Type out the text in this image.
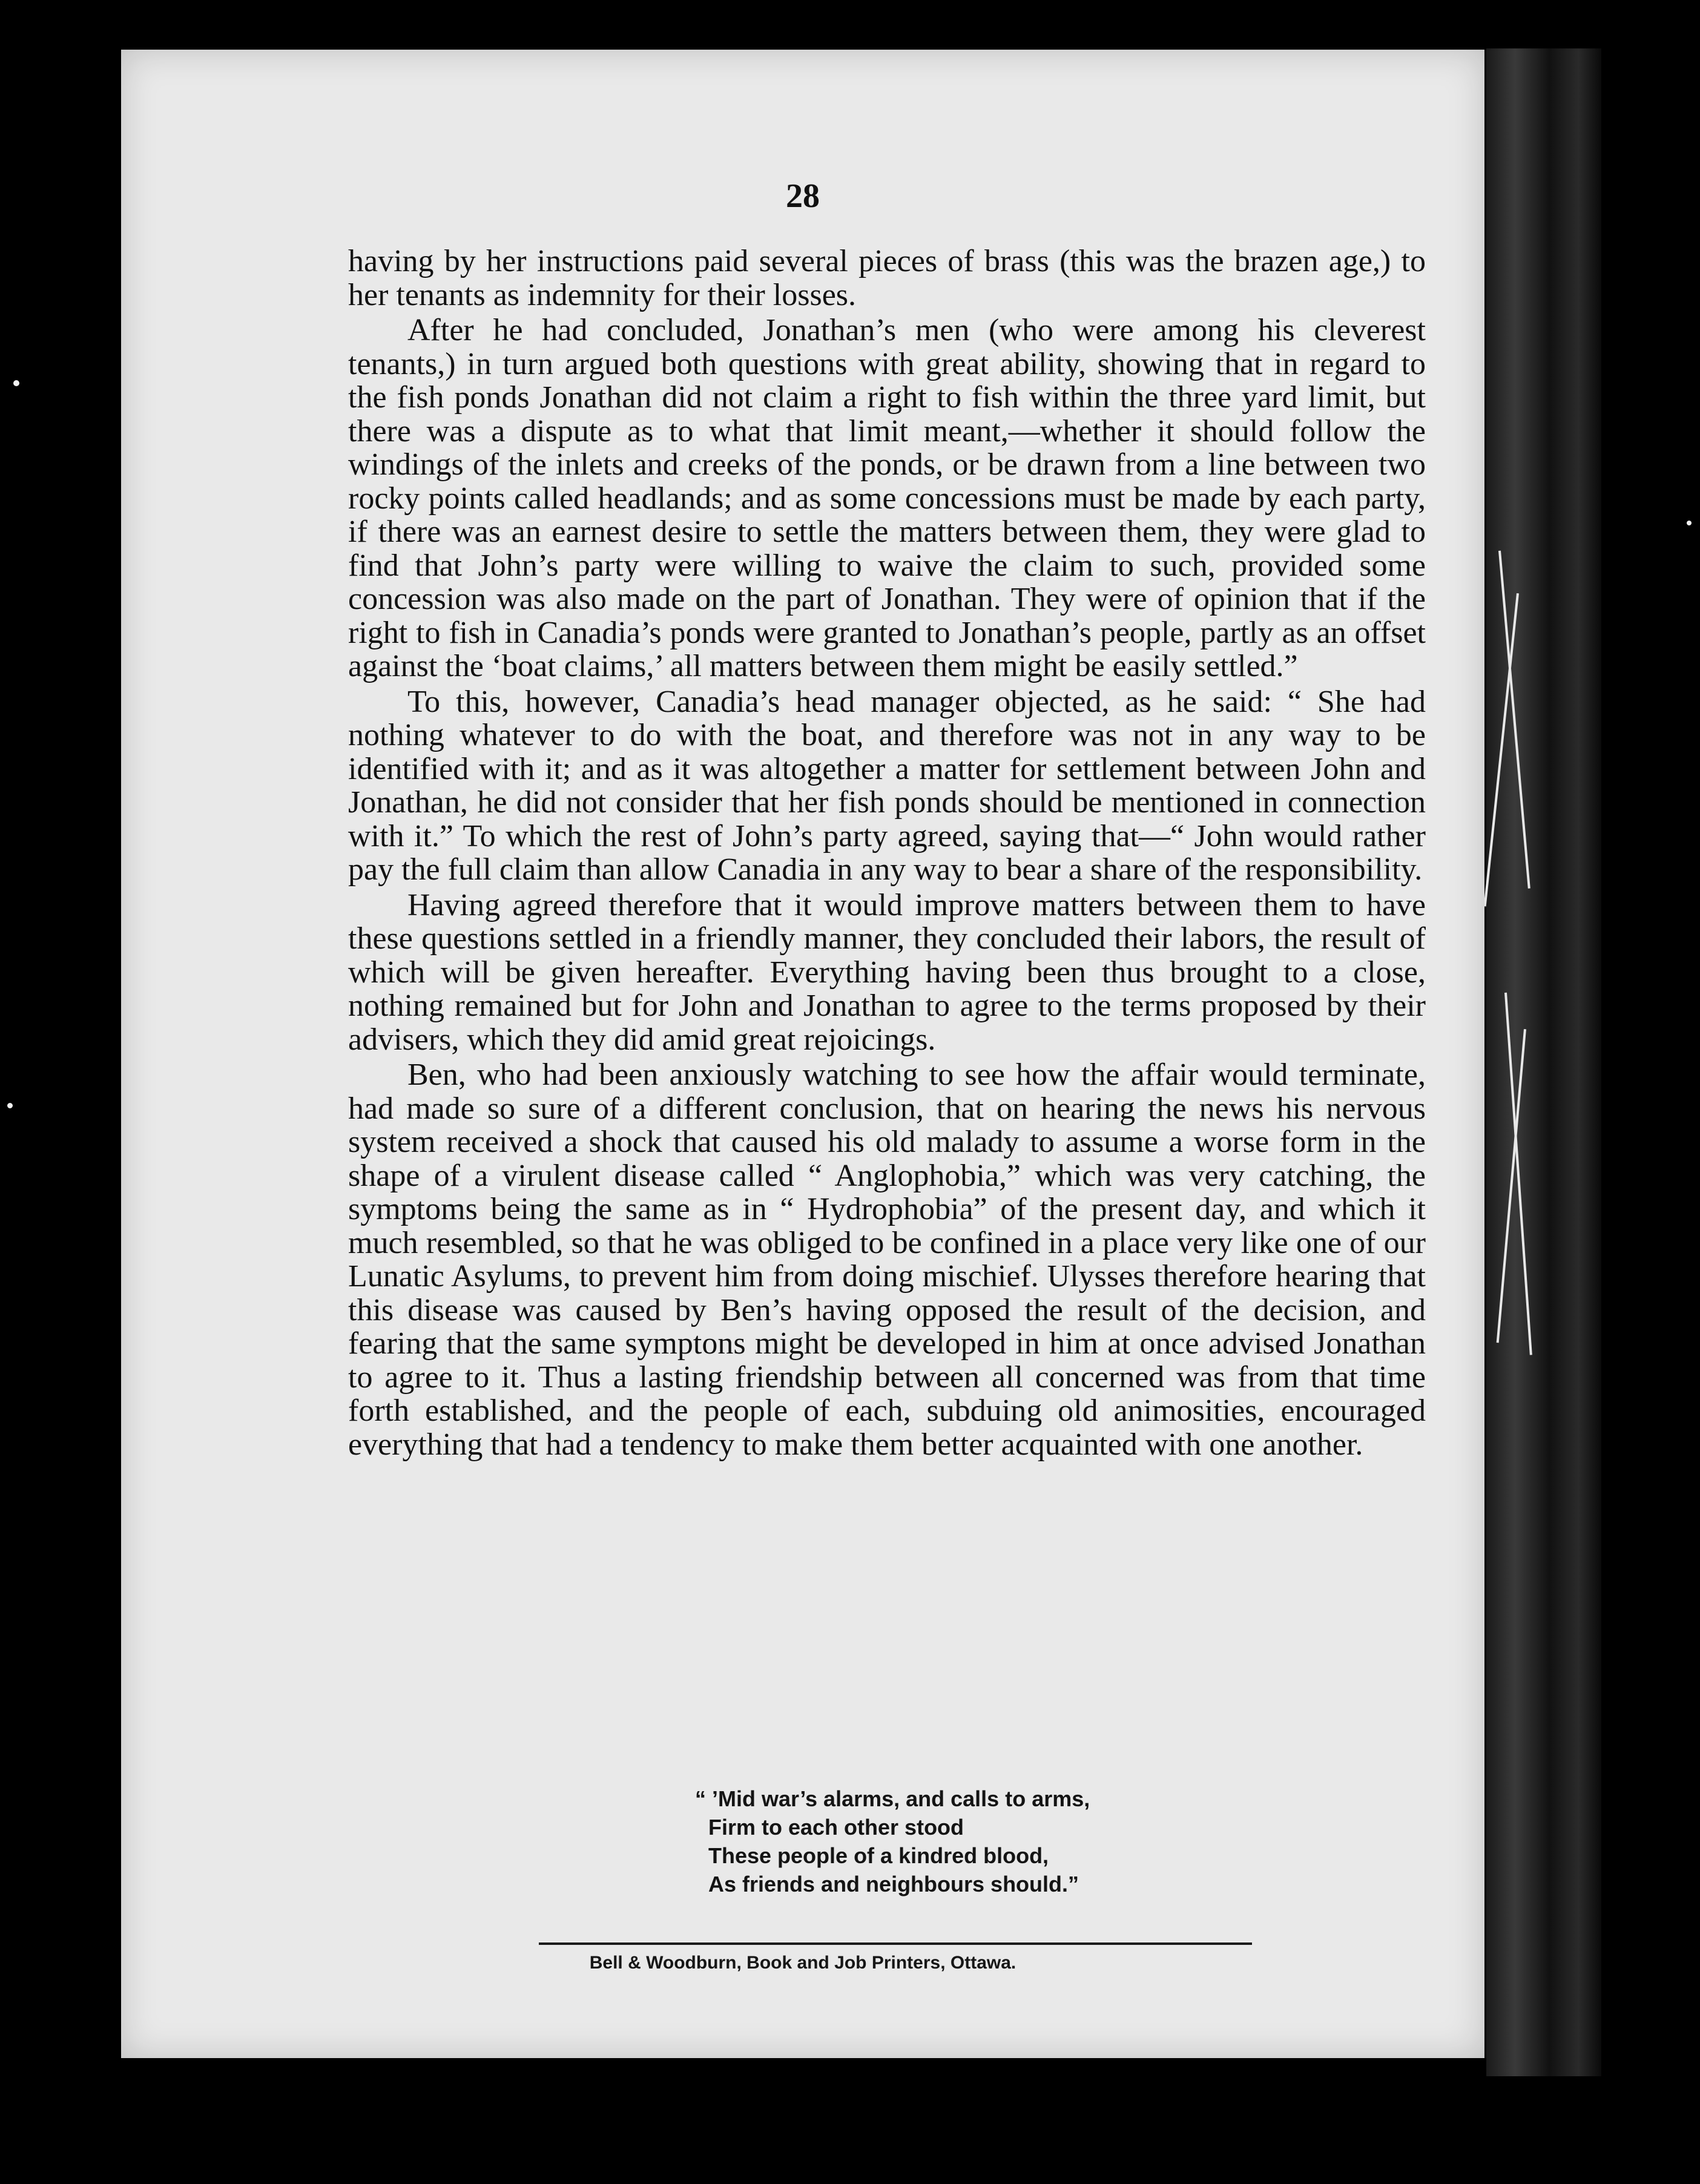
28

having by her instructions paid several pieces of brass (this was the brazen age,) to her tenants as indemnity for their losses.

After he had concluded, Jonathan’s men (who were among his cleverest tenants,) in turn argued both questions with great ability, showing that in regard to the fish ponds Jonathan did not claim a right to fish within the three yard limit, but there was a dispute as to what that limit meant,—whether it should follow the windings of the inlets and creeks of the ponds, or be drawn from a line between two rocky points called headlands; and as some concessions must be made by each party, if there was an earnest desire to settle the matters between them, they were glad to find that John’s party were willing to waive the claim to such, provided some concession was also made on the part of Jonathan. They were of opinion that if the right to fish in Canadia’s ponds were granted to Jonathan’s people, partly as an offset against the ‘boat claims,’ all matters between them might be easily settled.”

To this, however, Canadia’s head manager objected, as he said: “ She had nothing whatever to do with the boat, and therefore was not in any way to be identified with it; and as it was altogether a matter for settlement between John and Jonathan, he did not consider that her fish ponds should be mentioned in connection with it.” To which the rest of John’s party agreed, saying that—“ John would rather pay the full claim than allow Canadia in any way to bear a share of the responsibility.

Having agreed therefore that it would improve matters between them to have these questions settled in a friendly manner, they concluded their labors, the result of which will be given hereafter. Everything having been thus brought to a close, nothing remained but for John and Jonathan to agree to the terms proposed by their advisers, which they did amid great rejoicings.

Ben, who had been anxiously watching to see how the affair would terminate, had made so sure of a different conclusion, that on hearing the news his nervous system received a shock that caused his old malady to assume a worse form in the shape of a virulent disease called “ Anglophobia,” which was very catching, the symptoms being the same as in “ Hydrophobia” of the present day, and which it much resembled, so that he was obliged to be confined in a place very like one of our Lunatic Asylums, to prevent him from doing mischief. Ulysses therefore hearing that this disease was caused by Ben’s having opposed the result of the decision, and fearing that the same symptons might be developed in him at once advised Jonathan to agree to it. Thus a lasting friendship between all concerned was from that time forth established, and the people of each, subduing old animosities, encouraged everything that had a tendency to make them better acquainted with one another.

“ ’Mid war’s alarms, and calls to arms,
Firm to each other stood
These people of a kindred blood,
As friends and neighbours should.”
Bell & Woodburn, Book and Job Printers, Ottawa.
